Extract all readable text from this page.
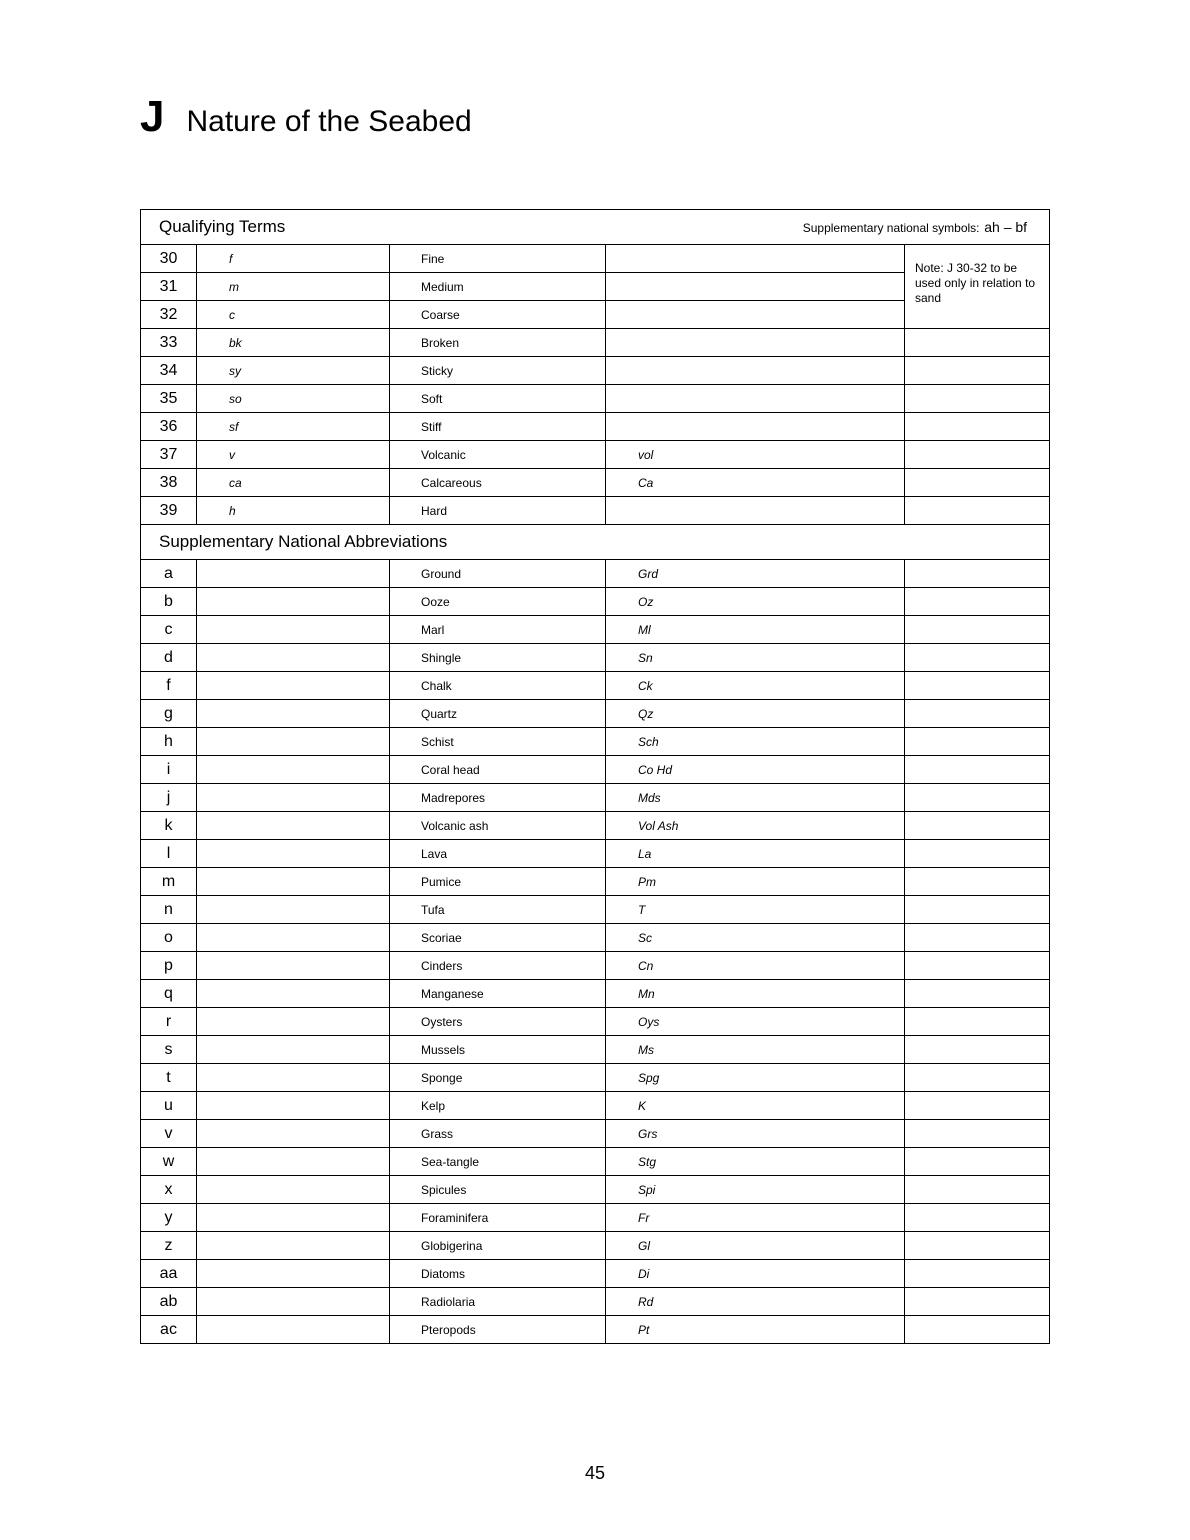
J Nature of the Seabed
Qualifying Terms Supplementary national symbols: ah – bf				

30	f	Fine		Note: J 30-32 to be used only in relation to sand
31	m	Medium		
32	c	Coarse		
33	bk	Broken		
34	sy	Sticky		
35	so	Soft		
36	sf	Stiff		
37	v	Volcanic	vol	
38	ca	Calcareous	Ca	
39	h	Hard		
Supplementary National Abbreviations				
a		Ground	Grd	
b		Ooze	Oz	
c		Marl	Ml	
d		Shingle	Sn	
f		Chalk	Ck	
g		Quartz	Qz	
h		Schist	Sch	
i		Coral head	Co Hd	
j		Madrepores	Mds	
k		Volcanic ash	Vol Ash	
l		Lava	La	
m		Pumice	Pm	
n		Tufa	T	
o		Scoriae	Sc	
p		Cinders	Cn	
q		Manganese	Mn	
r		Oysters	Oys	
s		Mussels	Ms	
t		Sponge	Spg	
u		Kelp	K	
v		Grass	Grs	
w		Sea-tangle	Stg	
x		Spicules	Spi	
y		Foraminifera	Fr	
z		Globigerina	Gl	
aa		Diatoms	Di	
ab		Radiolaria	Rd	
ac		Pteropods	Pt	
45
